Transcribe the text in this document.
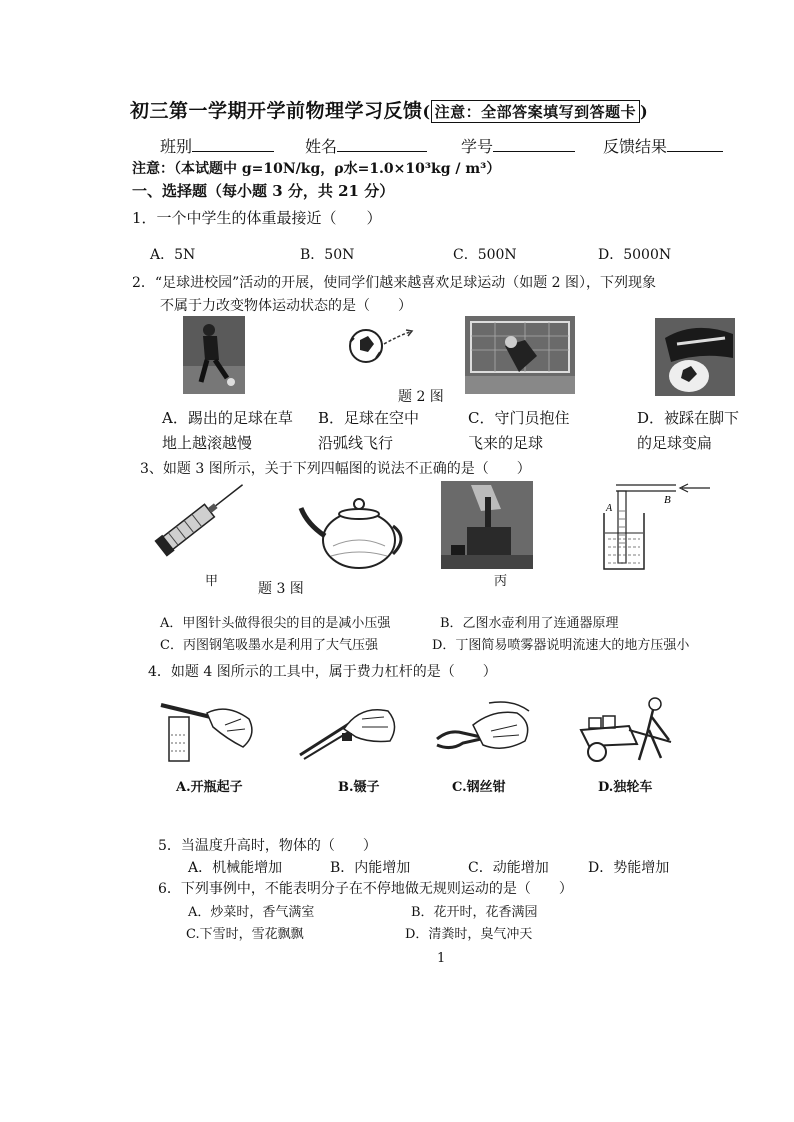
初三第一学期开学前物理学习反馈( 注意：全部答案填写到答题卡 )
班别	姓名	学号	反馈结果
注意：（本试题中 g=10N/kg，ρ水=1.0×10³kg / m³）
一、选择题（每小题 3 分，共 21 分）
1．一个中学生的体重最接近（　　）
A．5N	B．50N	C．500N	D．5000N
2．“足球进校园”活动的开展，使同学们越来越喜欢足球运动（如题 2 图），下列现象
不属于力改变物体运动状态的是（　　）
题 2 图
A．踢出的足球在草
地上越滚越慢
B．足球在空中
沿弧线飞行
C．守门员抱住
飞来的足球
D．被踩在脚下
的足球变扁
3、如题 3 图所示，关于下列四幅图的说法不正确的是（　　）
A
B
甲	题 3 图	丙
A．甲图针头做得很尖的目的是减小压强	B．乙图水壶利用了连通器原理
C．丙图钢笔吸墨水是利用了大气压强	D．丁图简易喷雾器说明流速大的地方压强小
4．如题 4 图所示的工具中，属于费力杠杆的是（　　）
A.开瓶起子	B.镊子	C.钢丝钳	D.独轮车
5．当温度升高时，物体的（　　）
A．机械能增加	B．内能增加	C．动能增加	D．势能增加
6．下列事例中，不能表明分子在不停地做无规则运动的是（　　）
A．炒菜时，香气满室	B．花开时，花香满园
C.下雪时，雪花飘飘	D．清粪时，臭气冲天
1
